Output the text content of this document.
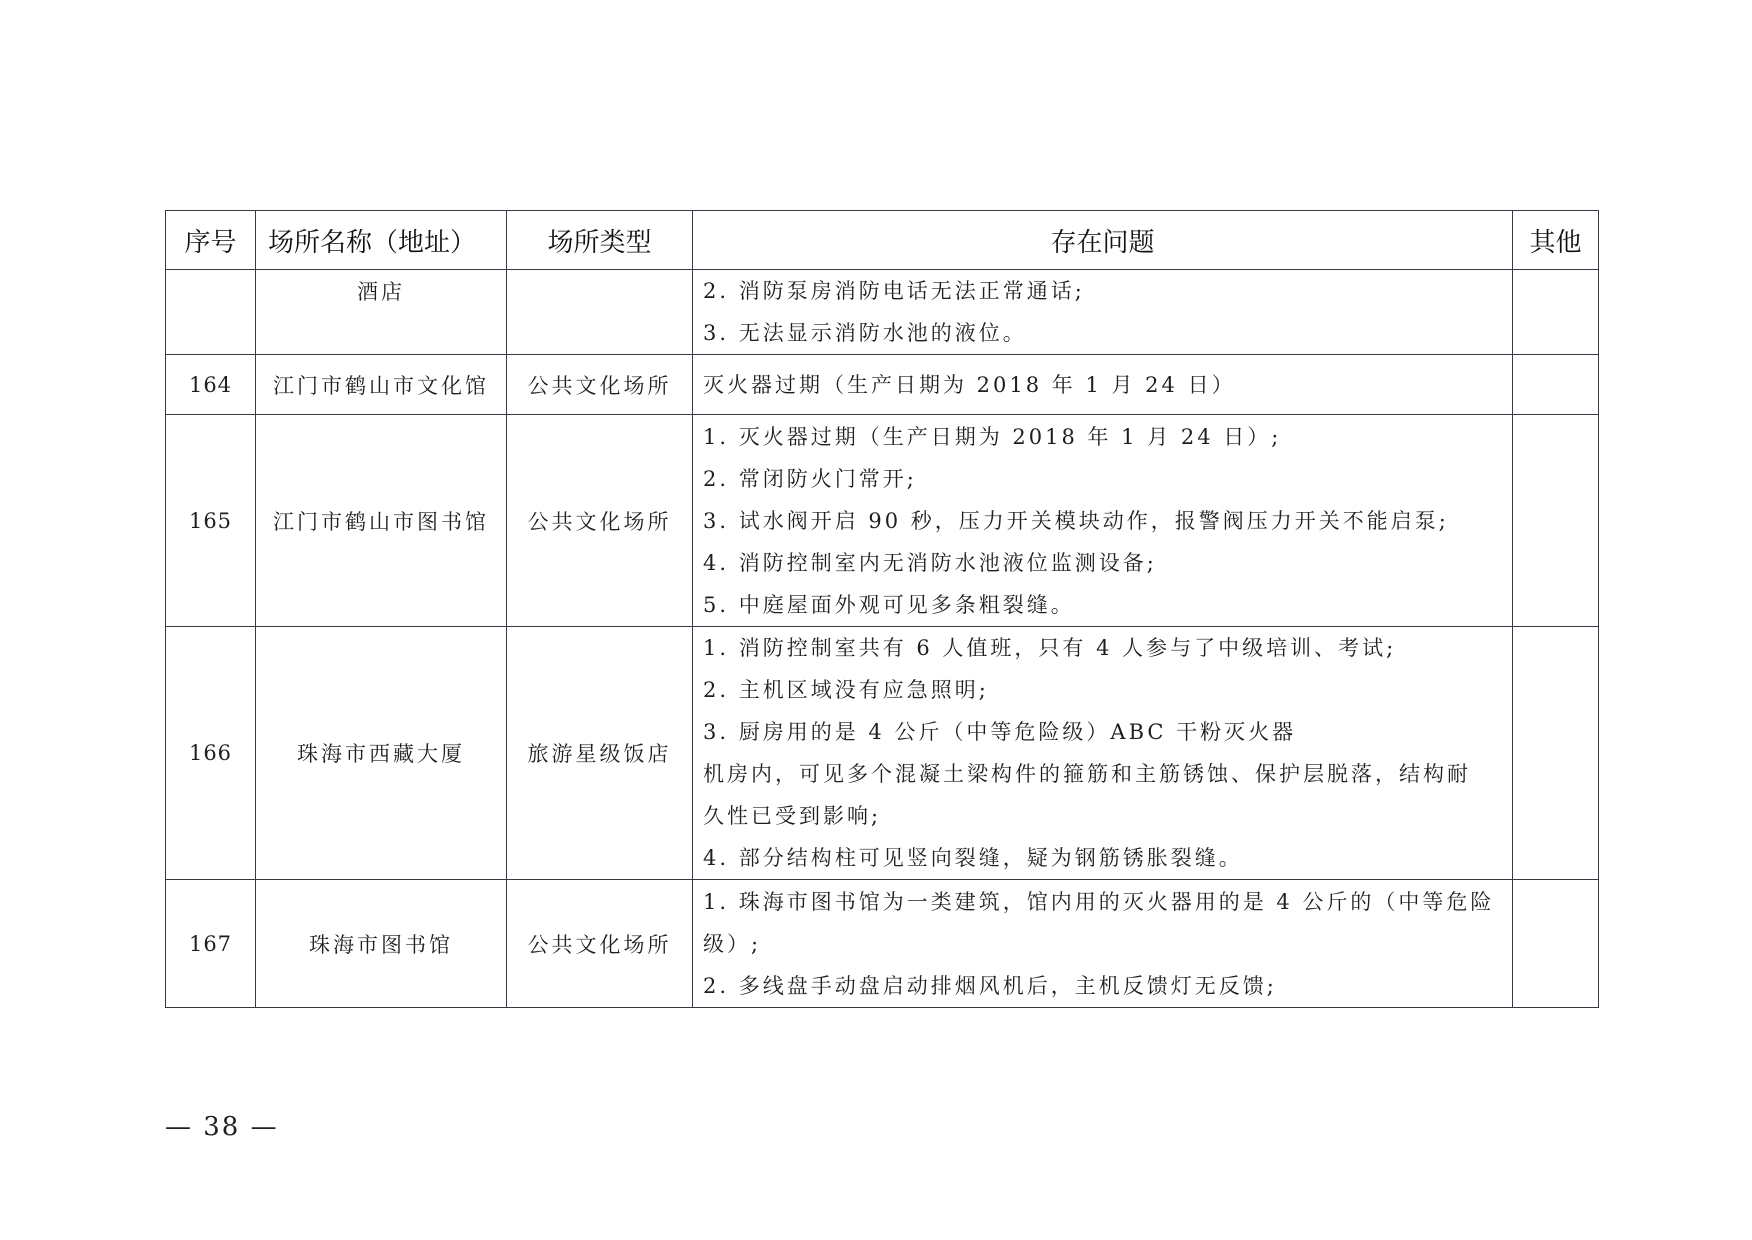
序号	场所名称（地址）	场所类型	存在问题	其他
	酒店		2. 消防泵房消防电话无法正常通话;
3. 无法显示消防水池的液位。	

164	江门市鹤山市文化馆	公共文化场所	灭火器过期（生产日期为 2018 年 1 月 24 日）	

165	江门市鹤山市图书馆	公共文化场所	1. 灭火器过期（生产日期为 2018 年 1 月 24 日）;
2. 常闭防火门常开;
3. 试水阀开启 90 秒，压力开关模块动作，报警阀压力开关不能启泵;
4. 消防控制室内无消防水池液位监测设备;
5. 中庭屋面外观可见多条粗裂缝。	

166	珠海市西藏大厦	旅游星级饭店	
1. 消防控制室共有 6 人值班，只有 4 人参与了中级培训、考试;
2. 主机区域没有应急照明;
3. 厨房用的是 4 公斤（中等危险级）ABC 干粉灭火器
机房内，可见多个混凝土梁构件的箍筋和主筋锈蚀、保护层脱落，结构耐
久性已受到影响;
4. 部分结构柱可见竖向裂缝，疑为钢筋锈胀裂缝。

167	珠海市图书馆	公共文化场所	1. 珠海市图书馆为一类建筑，馆内用的灭火器用的是 4 公斤的（中等危险
级）;
2. 多线盘手动盘启动排烟风机后，主机反馈灯无反馈;	

— 38 —
